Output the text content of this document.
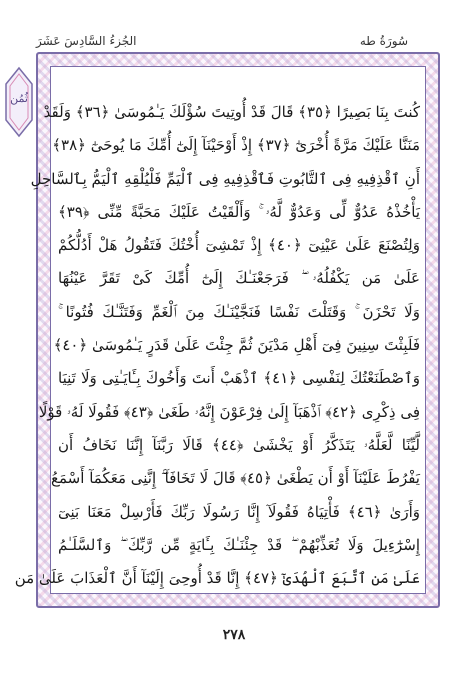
سُورَةُ طه
الجُزءُ السَّادِسَ عَشَرَ
ثُمُن
كُنتَ بِنَا بَصِيرًا ﴿٣٥﴾ قَالَ قَدْ أُوتِيتَ سُؤْلَكَ يَـٰمُوسَىٰ ﴿٣٦﴾ وَلَقَدْ
مَنَنَّا عَلَيْكَ مَرَّةً أُخْرَىٰٓ ﴿٣٧﴾ إِذْ أَوْحَيْنَآ إِلَىٰٓ أُمِّكَ مَا يُوحَىٰٓ ﴿٣٨﴾
أَنِ ٱقْذِفِيهِ فِى ٱلتَّابُوتِ فَٱقْذِفِيهِ فِى ٱلْيَمِّ فَلْيُلْقِهِ ٱلْيَمُّ بِٱلسَّاحِلِ
يَأْخُذْهُ عَدُوٌّ لِّى وَعَدُوٌّ لَّهُۥ ۚ وَأَلْقَيْتُ عَلَيْكَ مَحَبَّةً مِّنِّى ﴿٣٩﴾
وَلِتُصْنَعَ عَلَىٰ عَيْنِىٓ ﴿٤٠﴾ إِذْ تَمْشِىٓ أُخْتُكَ فَتَقُولُ هَلْ أَدُلُّكُمْ
عَلَىٰ مَن يَكْفُلُهُۥ ۖ فَرَجَعْنَـٰكَ إِلَىٰٓ أُمِّكَ كَىْ تَقَرَّ عَيْنُهَا
وَلَا تَحْزَنَ ۚ وَقَتَلْتَ نَفْسًا فَنَجَّيْنَـٰكَ مِنَ ٱلْغَمِّ وَفَتَنَّـٰكَ فُتُونًا ۚ
فَلَبِثْتَ سِنِينَ فِىٓ أَهْلِ مَدْيَنَ ثُمَّ جِئْتَ عَلَىٰ قَدَرٍ يَـٰمُوسَىٰ ﴿٤٠﴾
وَٱصْطَنَعْتُكَ لِنَفْسِى ﴿٤١﴾ ٱذْهَبْ أَنتَ وَأَخُوكَ بِـَٔايَـٰتِى وَلَا تَنِيَا
فِى ذِكْرِى ﴿٤٢﴾ ٱذْهَبَآ إِلَىٰ فِرْعَوْنَ إِنَّهُۥ طَغَىٰ ﴿٤٣﴾ فَقُولَا لَهُۥ قَوْلًا
لَّيِّنًا لَّعَلَّهُۥ يَتَذَكَّرُ أَوْ يَخْشَىٰ ﴿٤٤﴾ قَالَا رَبَّنَآ إِنَّنَا نَخَافُ أَن
يَفْرُطَ عَلَيْنَآ أَوْ أَن يَطْغَىٰ ﴿٤٥﴾ قَالَ لَا تَخَافَآ ۖ إِنَّنِى مَعَكُمَآ أَسْمَعُ
وَأَرَىٰ ﴿٤٦﴾ فَأْتِيَاهُ فَقُولَآ إِنَّا رَسُولَا رَبِّكَ فَأَرْسِلْ مَعَنَا بَنِىٓ
إِسْرَٰٓءِيلَ وَلَا تُعَذِّبْهُمْ ۖ قَدْ جِئْنَـٰكَ بِـَٔايَةٍ مِّن رَّبِّكَ ۖ وَٱلسَّلَـٰمُ
عَلَىٰ مَنِ ٱتَّبَعَ ٱلْهُدَىٰٓ ﴿٤٧﴾ إِنَّا قَدْ أُوحِىَ إِلَيْنَآ أَنَّ ٱلْعَذَابَ عَلَىٰ مَن
٢٧٨
